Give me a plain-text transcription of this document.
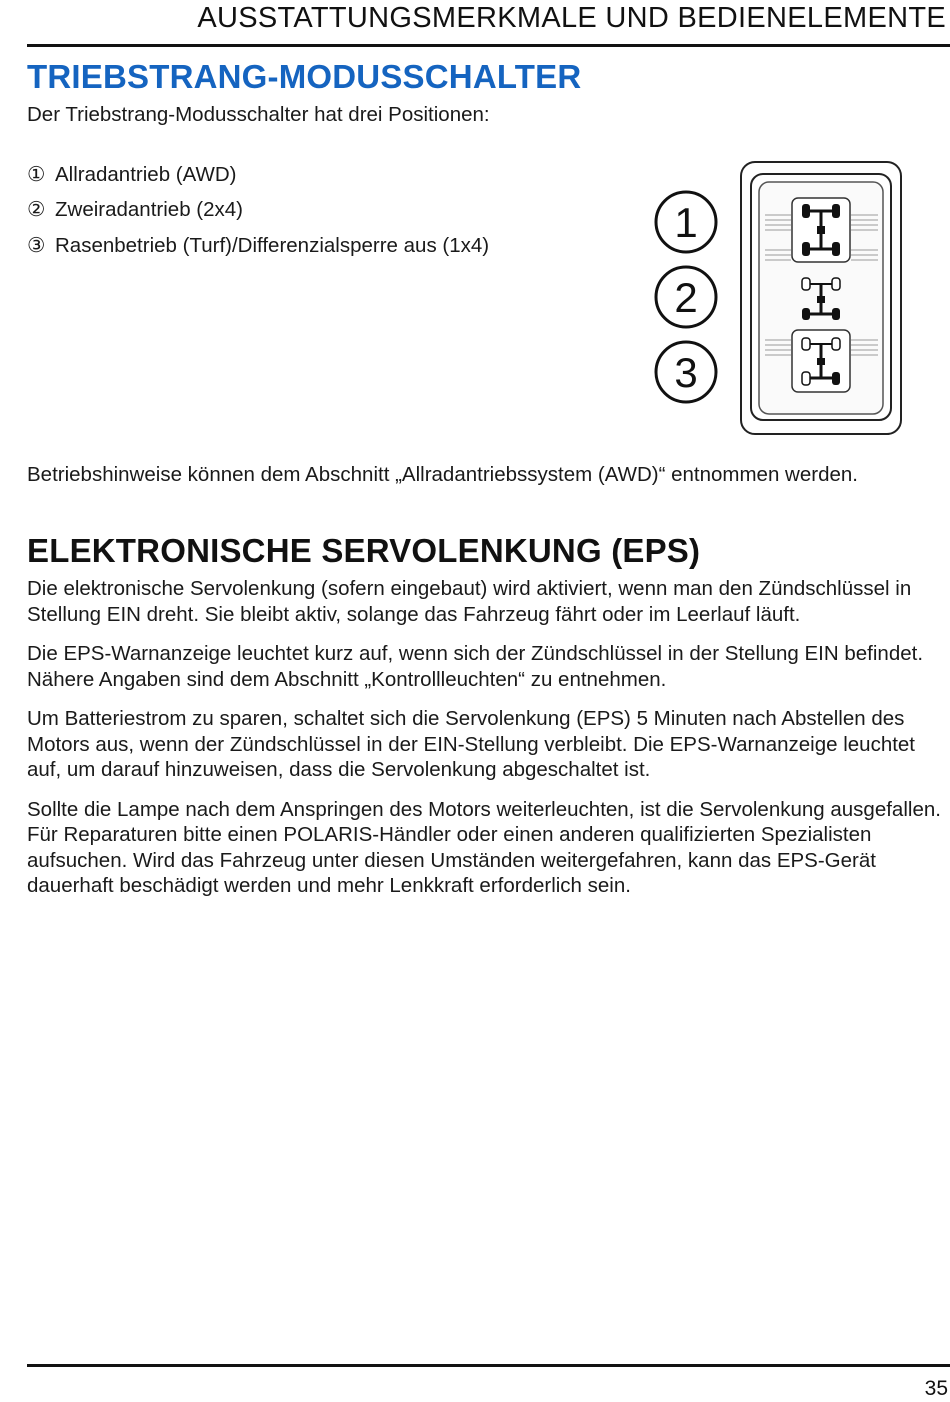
AUSSTATTUNGSMERKMALE UND BEDIENELEMENTE
TRIEBSTRANG-MODUSSCHALTER

Der Triebstrang-Modusschalter hat drei Positionen:

① Allradantrieb (AWD)
② Zweiradantrieb (2x4)
③ Rasenbetrieb (Turf)/Differenzialsperre aus (1x4)

Betriebshinweise können dem Abschnitt „Allradantriebssystem (AWD)“ entnommen werden.

ELEKTRONISCHE SERVOLENKUNG (EPS)

Die elektronische Servolenkung (sofern eingebaut) wird aktiviert, wenn man den Zündschlüssel in Stellung EIN dreht. Sie bleibt aktiv, solange das Fahrzeug fährt oder im Leerlauf läuft.

Die EPS-Warnanzeige leuchtet kurz auf, wenn sich der Zündschlüssel in der Stellung EIN befindet. Nähere Angaben sind dem Abschnitt „Kontrollleuchten“ zu entnehmen.

Um Batteriestrom zu sparen, schaltet sich die Servolenkung (EPS) 5 Minuten nach Abstellen des Motors aus, wenn der Zündschlüssel in der EIN-Stellung verbleibt. Die EPS-Warnanzeige leuchtet auf, um darauf hinzuweisen, dass die Servolenkung abgeschaltet ist.

Sollte die Lampe nach dem Anspringen des Motors weiterleuchten, ist die Servolenkung ausgefallen. Für Reparaturen bitte einen POLARIS-Händler oder einen anderen qualifizierten Spezialisten aufsuchen. Wird das Fahrzeug unter diesen Umständen weitergefahren, kann das EPS-Gerät dauerhaft beschädigt werden und mehr Lenkkraft erforderlich sein.

1
2
3
35
